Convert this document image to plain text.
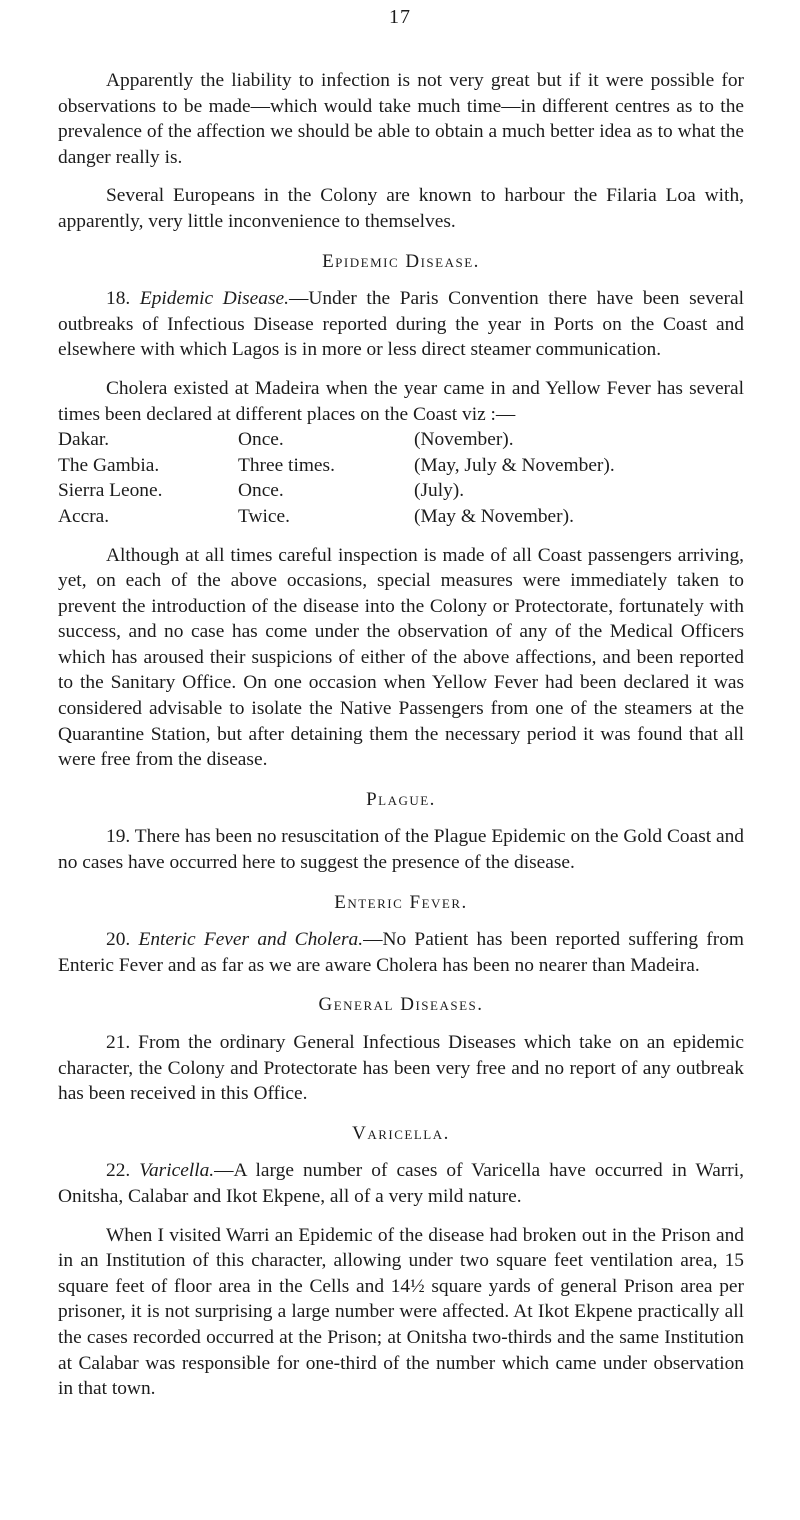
17

Apparently the liability to infection is not very great but if it were possible for observations to be made—which would take much time—in different centres as to the prevalence of the affection we should be able to obtain a much better idea as to what the danger really is.

Several Europeans in the Colony are known to harbour the Filaria Loa with, apparently, very little inconvenience to themselves.

Epidemic Disease.

18. Epidemic Disease.—Under the Paris Convention there have been several outbreaks of Infectious Disease reported during the year in Ports on the Coast and elsewhere with which Lagos is in more or less direct steamer communication.

Cholera existed at Madeira when the year came in and Yellow Fever has several times been declared at different places on the Coast viz :—

Dakar.	Once.	(November).
The Gambia.	Three times.	(May, July & November).
Sierra Leone.	Once.	(July).
Accra.	Twice.	(May & November).

Although at all times careful inspection is made of all Coast passengers arriving, yet, on each of the above occasions, special measures were immediately taken to prevent the introduction of the disease into the Colony or Protectorate, fortunately with success, and no case has come under the observation of any of the Medical Officers which has aroused their suspicions of either of the above affections, and been reported to the Sanitary Office. On one occasion when Yellow Fever had been declared it was considered advisable to isolate the Native Passengers from one of the steamers at the Quarantine Station, but after detaining them the necessary period it was found that all were free from the disease.

Plague.

19. There has been no resuscitation of the Plague Epidemic on the Gold Coast and no cases have occurred here to suggest the presence of the disease.

Enteric Fever.

20. Enteric Fever and Cholera.—No Patient has been reported suffering from Enteric Fever and as far as we are aware Cholera has been no nearer than Madeira.

General Diseases.

21. From the ordinary General Infectious Diseases which take on an epidemic character, the Colony and Protectorate has been very free and no report of any outbreak has been received in this Office.

Varicella.

22. Varicella.—A large number of cases of Varicella have occurred in Warri, Onitsha, Calabar and Ikot Ekpene, all of a very mild nature.

When I visited Warri an Epidemic of the disease had broken out in the Prison and in an Institution of this character, allowing under two square feet ventilation area, 15 square feet of floor area in the Cells and 14½ square yards of general Prison area per prisoner, it is not surprising a large number were affected. At Ikot Ekpene practically all the cases recorded occurred at the Prison; at Onitsha two-thirds and the same Institution at Calabar was responsible for one-third of the number which came under observation in that town.
